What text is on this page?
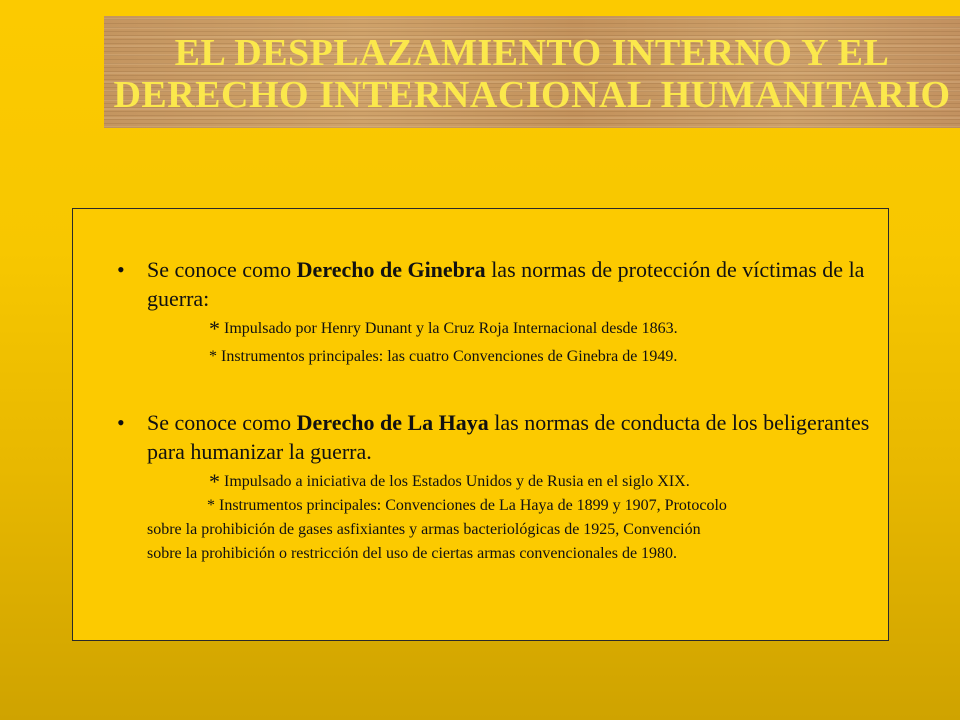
EL DESPLAZAMIENTO INTERNO Y EL
DERECHO INTERNACIONAL HUMANITARIO
• Se conoce como Derecho de Ginebra las normas de protección de víctimas de la guerra:
* Impulsado por Henry Dunant y la Cruz Roja Internacional desde 1863.
* Instrumentos principales: las cuatro Convenciones de Ginebra de 1949.
• Se conoce como Derecho de La Haya las normas de conducta de los beligerantes para humanizar la guerra.
* Impulsado a iniciativa de los Estados Unidos y de Rusia en el siglo XIX.
* Instrumentos principales: Convenciones de La Haya de 1899 y 1907, Protocolo
sobre la prohibición de gases asfixiantes y armas bacteriológicas de 1925, Convención
sobre la prohibición o restricción del uso de ciertas armas convencionales de 1980.
